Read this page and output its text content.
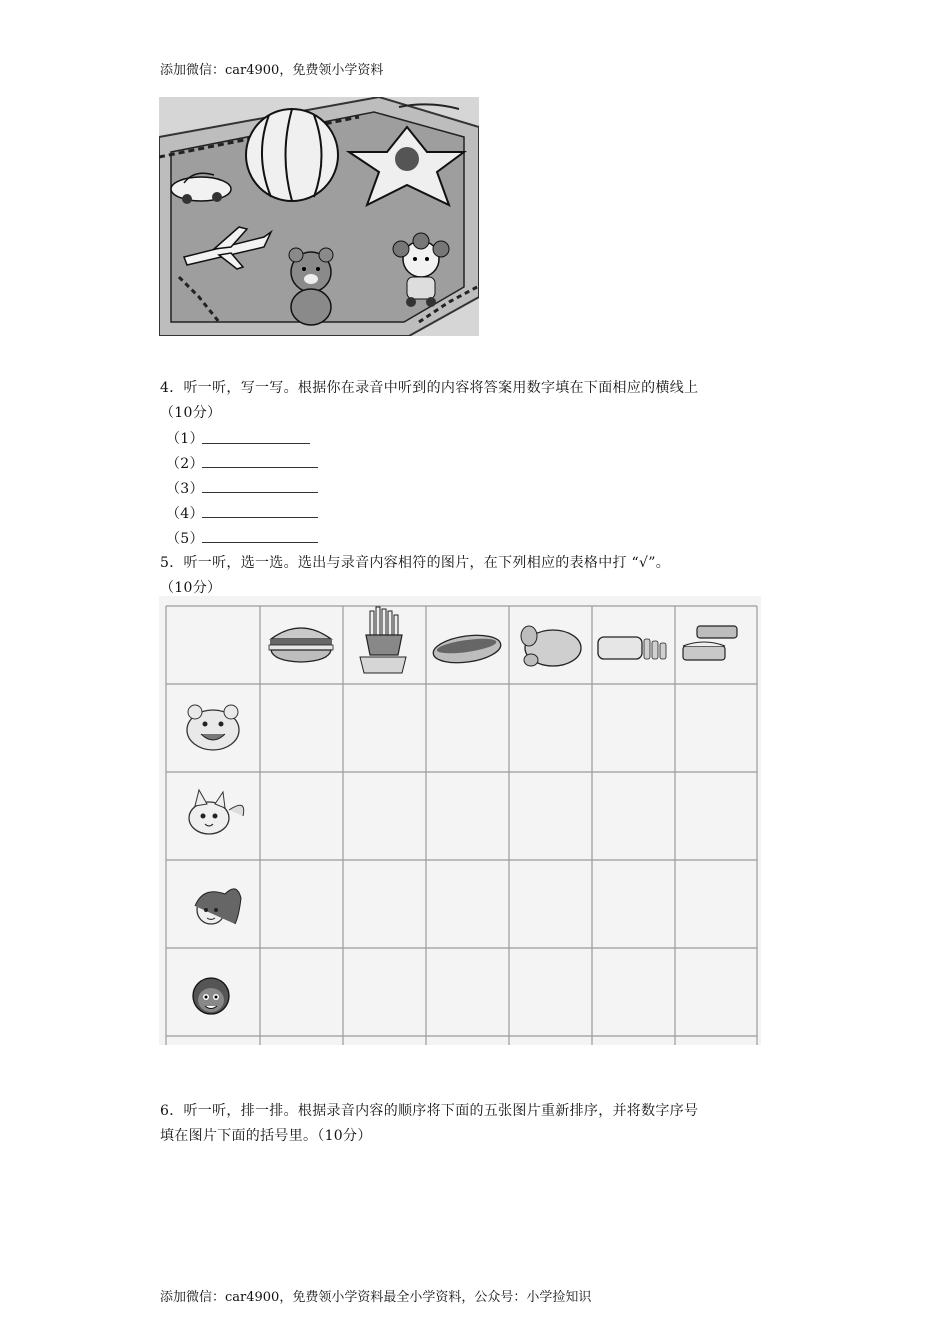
添加微信：car4900，免费领小学资料
4．听一听，写一写。根据你在录音中听到的内容将答案用数字填在下面相应的横线上
（10分）
（1）
（2）
（3）
（4）
（5）
5．听一听，选一选。选出与录音内容相符的图片，在下列相应的表格中打 “√”。
（10分）
6．听一听，排一排。根据录音内容的顺序将下面的五张图片重新排序，并将数字序号
填在图片下面的括号里。（10分）
添加微信：car4900，免费领小学资料最全小学资料，公众号：小学捡知识
